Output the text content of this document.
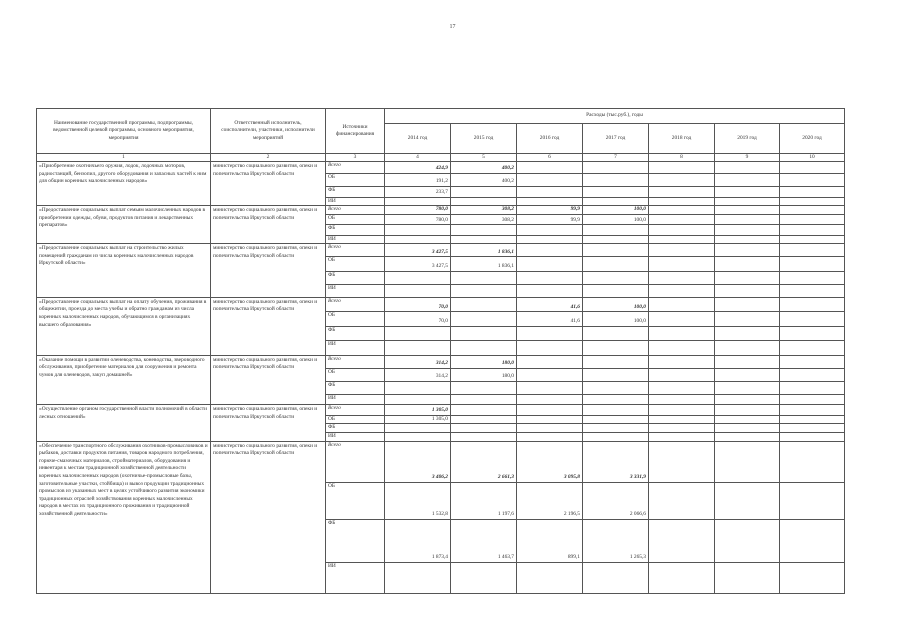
17
Наименование государственной программы, подпрограммы, ведомственной целевой программы, основного мероприятия, мероприятия	Ответственный исполнитель, соисполнители, участники, исполнители мероприятий	Источники финансирования	Расходы (тыс.руб.), годы						
			2014 год	2015 год	2016 год	2017 год	2018 год	2019 год	2020 год
1	2	3	4	5	6	7	8	9	10
«Приобретение охотничьего оружия, лодок, лодочных моторов, радиостанций, бензопил, другого оборудования и запасных частей к ним для общин коренных малочисленных народов»	министерство социального развития, опеки и попечительства Иркутской области	Всего	424,9	400,2					
		ОБ	191,2	400,2					
		ФБ	233,7						
		ИИ							
«Предоставление социальных выплат семьям малочисленных народов в приобретении одежды, обуви, продуктов питания и лекарственных препаратов»	министерство социального развития, опеки и попечительства Иркутской области	Всего	780,0	308,2	99,9	100,0			
		ОБ	780,0	308,2	99,9	100,0			
		ФБ							
		ИИ							
«Предоставление социальных выплат на строительство жилых помещений гражданам из числа коренных малочисленных народов Иркутской области»	министерство социального развития, опеки и попечительства Иркутской области	Всего	3 427,5	1 836,1					
		ОБ	3 427,5	1 836,1					
		ФБ							
		ИИ							
«Предоставление социальных выплат на оплату обучения, проживания в общежитии, проезда до места учебы и обратно гражданам из числа коренных малочисленных народов, обучающимся в организациях высшего образования»	министерство социального развития, опеки и попечительства Иркутской области	Всего	70,0		41,6	100,0			
		ОБ	70,0		41,6	100,0			
		ФБ							
		ИИ							
«Оказание помощи в развитии оленеводства, коневодства, звероводного обслуживания, приобретение материалов для сооружения и ремонта чумов для оленеводов, закуп домашней»	министерство социального развития, опеки и попечительства Иркутской области	Всего	314,2	180,0					
		ОБ	314,2	180,0					
		ФБ							
		ИИ							
«Осуществление органом государственной власти полномочий в области лесных отношений»	министерство социального развития, опеки и попечительства Иркутской области	Всего	1 305,0						
		ОБ	1 305,0						
		ФБ							
		ИИ							
«Обеспечение транспортного обслуживания охотников-промысловиков и рыбаков, доставки продуктов питания, товаров народного потребления, горюче-смазочных материалов, стройматериалов, оборудования и инвентаря к местам традиционной хозяйственной деятельности коренных малочисленных народов (охотничье-промысловые базы, заготовительные участки, стойбища) и вывоз продукции традиционных промыслов из указанных мест в целях устойчивого развития экономики традиционных отраслей хозяйствования коренных малочисленных народов в местах их традиционного проживания и традиционной хозяйственной деятельности»	министерство социального развития, опеки и попечительства Иркутской области	Всего	3 406,2	2 661,3	3 095,8	3 331,9			
		ОБ	1 532,8	1 197,6	2 196,5	2 066,6			
		ФБ	1 873,4	1 463,7	899,1	1 265,3			
		ИИ							
